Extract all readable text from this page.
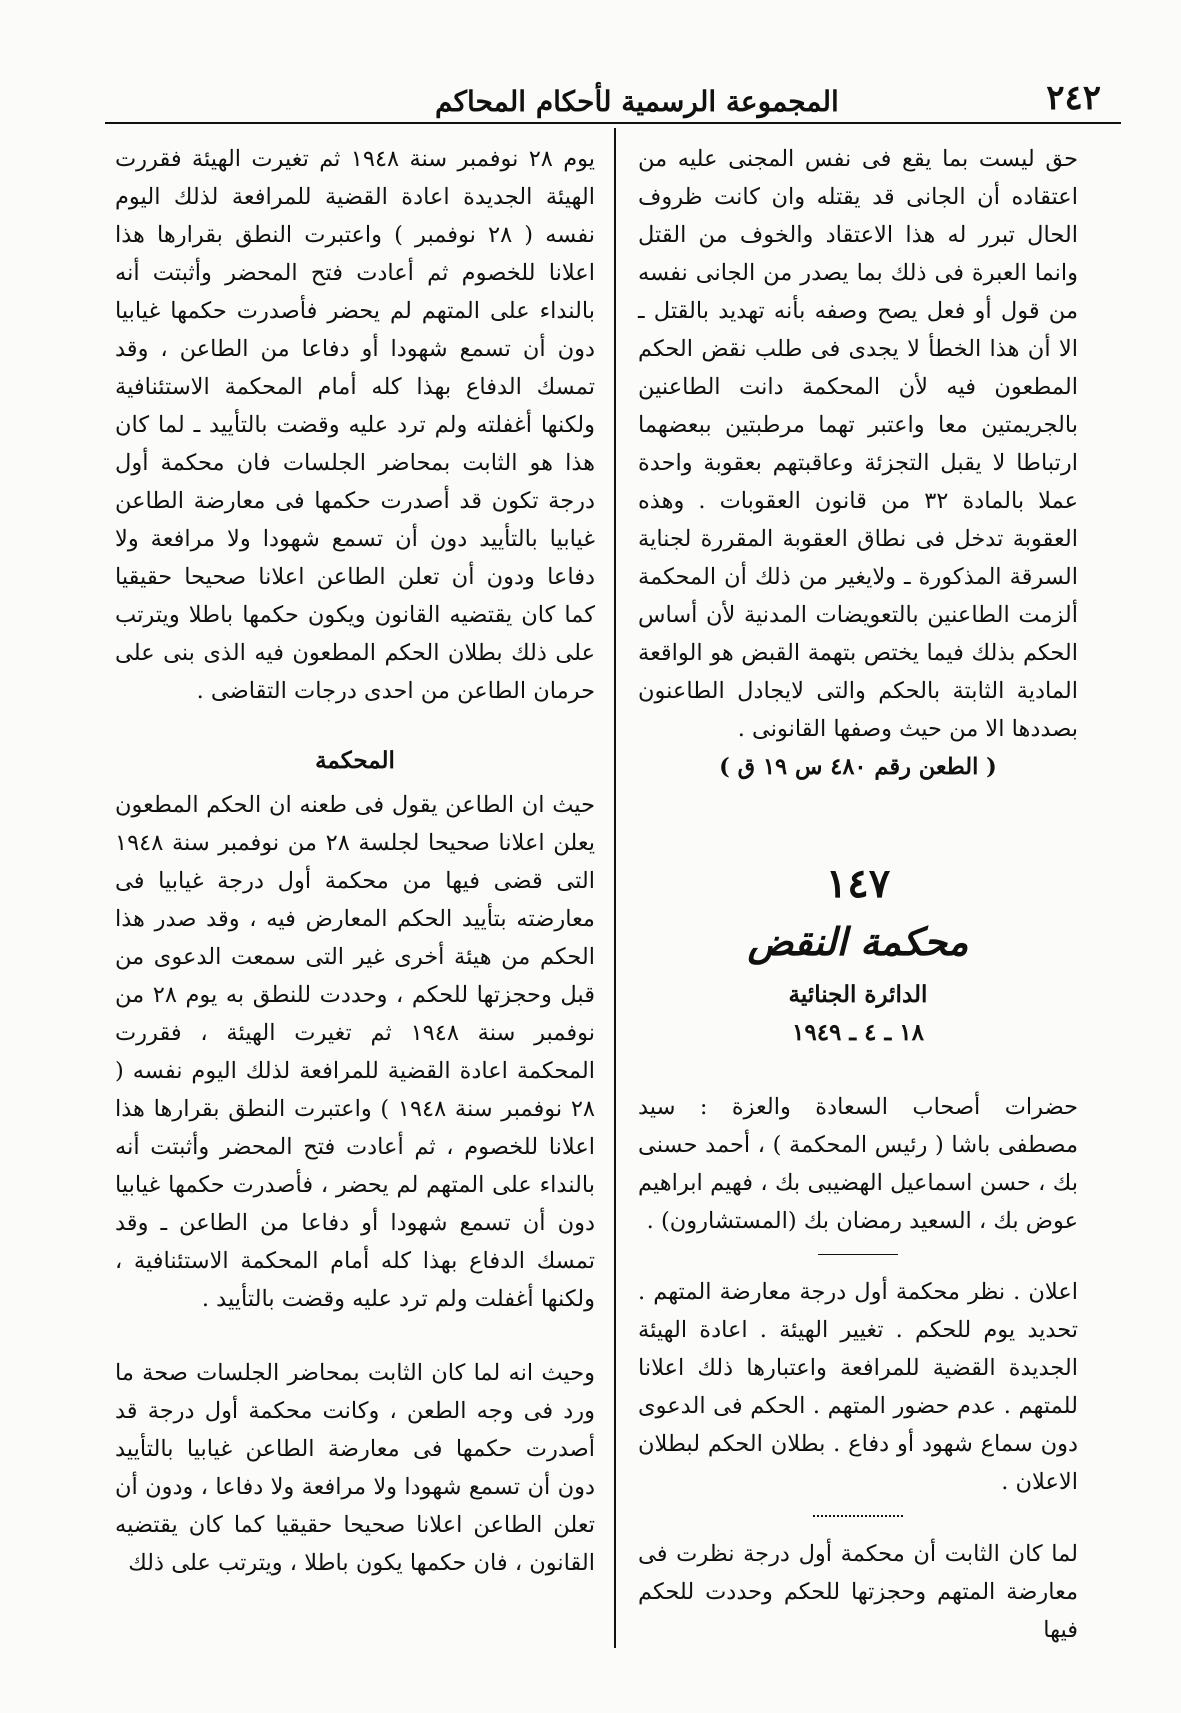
المجموعة الرسمية لأحكام المحاكم	٢٤٢

حق ليست بما يقع فى نفس المجنى عليه من اعتقاده أن الجانى قد يقتله وان كانت ظروف الحال تبرر له هذا الاعتقاد والخوف من القتل وانما العبرة فى ذلك بما يصدر من الجانى نفسه من قول أو فعل يصح وصفه بأنه تهديد بالقتل ـ الا أن هذا الخطأ لا يجدى فى طلب نقض الحكم المطعون فيه لأن المحكمة دانت الطاعنين بالجريمتين معا واعتبر تهما مرطبتين ببعضهما ارتباطا لا يقبل التجزئة وعاقبتهم بعقوبة واحدة عملا بالمادة ٣٢ من قانون العقوبات . وهذه العقوبة تدخل فى نطاق العقوبة المقررة لجناية السرقة المذكورة ـ ولايغير من ذلك أن المحكمة ألزمت الطاعنين بالتعويضات المدنية لأن أساس الحكم بذلك فيما يختص بتهمة القبض هو الواقعة المادية الثابتة بالحكم والتى لايجادل الطاعنون بصددها الا من حيث وصفها القانونى .

( الطعن رقم ٤٨٠ س ١٩ ق )

١٤٧
محكمة النقض
الدائرة الجنائية
١٨ ـ ٤ ـ ١٩٤٩

حضرات أصحاب السعادة والعزة : سيد مصطفى باشا ( رئيس المحكمة ) ، أحمد حسنى بك ، حسن اسماعيل الهضيبى بك ، فهيم ابراهيم عوض بك ، السعيد رمضان بك (المستشارون) .

اعلان . نظر محكمة أول درجة معارضة المتهم . تحديد يوم للحكم . تغيير الهيئة . اعادة الهيئة الجديدة القضية للمرافعة واعتبارها ذلك اعلانا للمتهم . عدم حضور المتهم . الحكم فى الدعوى دون سماع شهود أو دفاع . بطلان الحكم لبطلان الاعلان .

لما كان الثابت أن محكمة أول درجة نظرت فى معارضة المتهم وحجزتها للحكم وحددت للحكم فيها

يوم ٢٨ نوفمبر سنة ١٩٤٨ ثم تغيرت الهيئة فقررت الهيئة الجديدة اعادة القضية للمرافعة لذلك اليوم نفسه ( ٢٨ نوفمبر ) واعتبرت النطق بقرارها هذا اعلانا للخصوم ثم أعادت فتح المحضر وأثبتت أنه بالنداء على المتهم لم يحضر فأصدرت حكمها غيابيا دون أن تسمع شهودا أو دفاعا من الطاعن ، وقد تمسك الدفاع بهذا كله أمام المحكمة الاستئنافية ولكنها أغفلته ولم ترد عليه وقضت بالتأييد ـ لما كان هذا هو الثابت بمحاضر الجلسات فان محكمة أول درجة تكون قد أصدرت حكمها فى معارضة الطاعن غيابيا بالتأييد دون أن تسمع شهودا ولا مرافعة ولا دفاعا ودون أن تعلن الطاعن اعلانا صحيحا حقيقيا كما كان يقتضيه القانون ويكون حكمها باطلا ويترتب على ذلك بطلان الحكم المطعون فيه الذى بنى على حرمان الطاعن من احدى درجات التقاضى .

المحكمة

حيث ان الطاعن يقول فى طعنه ان الحكم المطعون يعلن اعلانا صحيحا لجلسة ٢٨ من نوفمبر سنة ١٩٤٨ التى قضى فيها من محكمة أول درجة غيابيا فى معارضته بتأييد الحكم المعارض فيه ، وقد صدر هذا الحكم من هيئة أخرى غير التى سمعت الدعوى من قبل وحجزتها للحكم ، وحددت للنطق به يوم ٢٨ من نوفمبر سنة ١٩٤٨ ثم تغيرت الهيئة ، فقررت المحكمة اعادة القضية للمرافعة لذلك اليوم نفسه ( ٢٨ نوفمبر سنة ١٩٤٨ ) واعتبرت النطق بقرارها هذا اعلانا للخصوم ، ثم أعادت فتح المحضر وأثبتت أنه بالنداء على المتهم لم يحضر ، فأصدرت حكمها غيابيا دون أن تسمع شهودا أو دفاعا من الطاعن ـ وقد تمسك الدفاع بهذا كله أمام المحكمة الاستئنافية ، ولكنها أغفلت ولم ترد عليه وقضت بالتأييد .

وحيث انه لما كان الثابت بمحاضر الجلسات صحة ما ورد فى وجه الطعن ، وكانت محكمة أول درجة قد أصدرت حكمها فى معارضة الطاعن غيابيا بالتأييد دون أن تسمع شهودا ولا مرافعة ولا دفاعا ، ودون أن تعلن الطاعن اعلانا صحيحا حقيقيا كما كان يقتضيه القانون ، فان حكمها يكون باطلا ، ويترتب على ذلك
